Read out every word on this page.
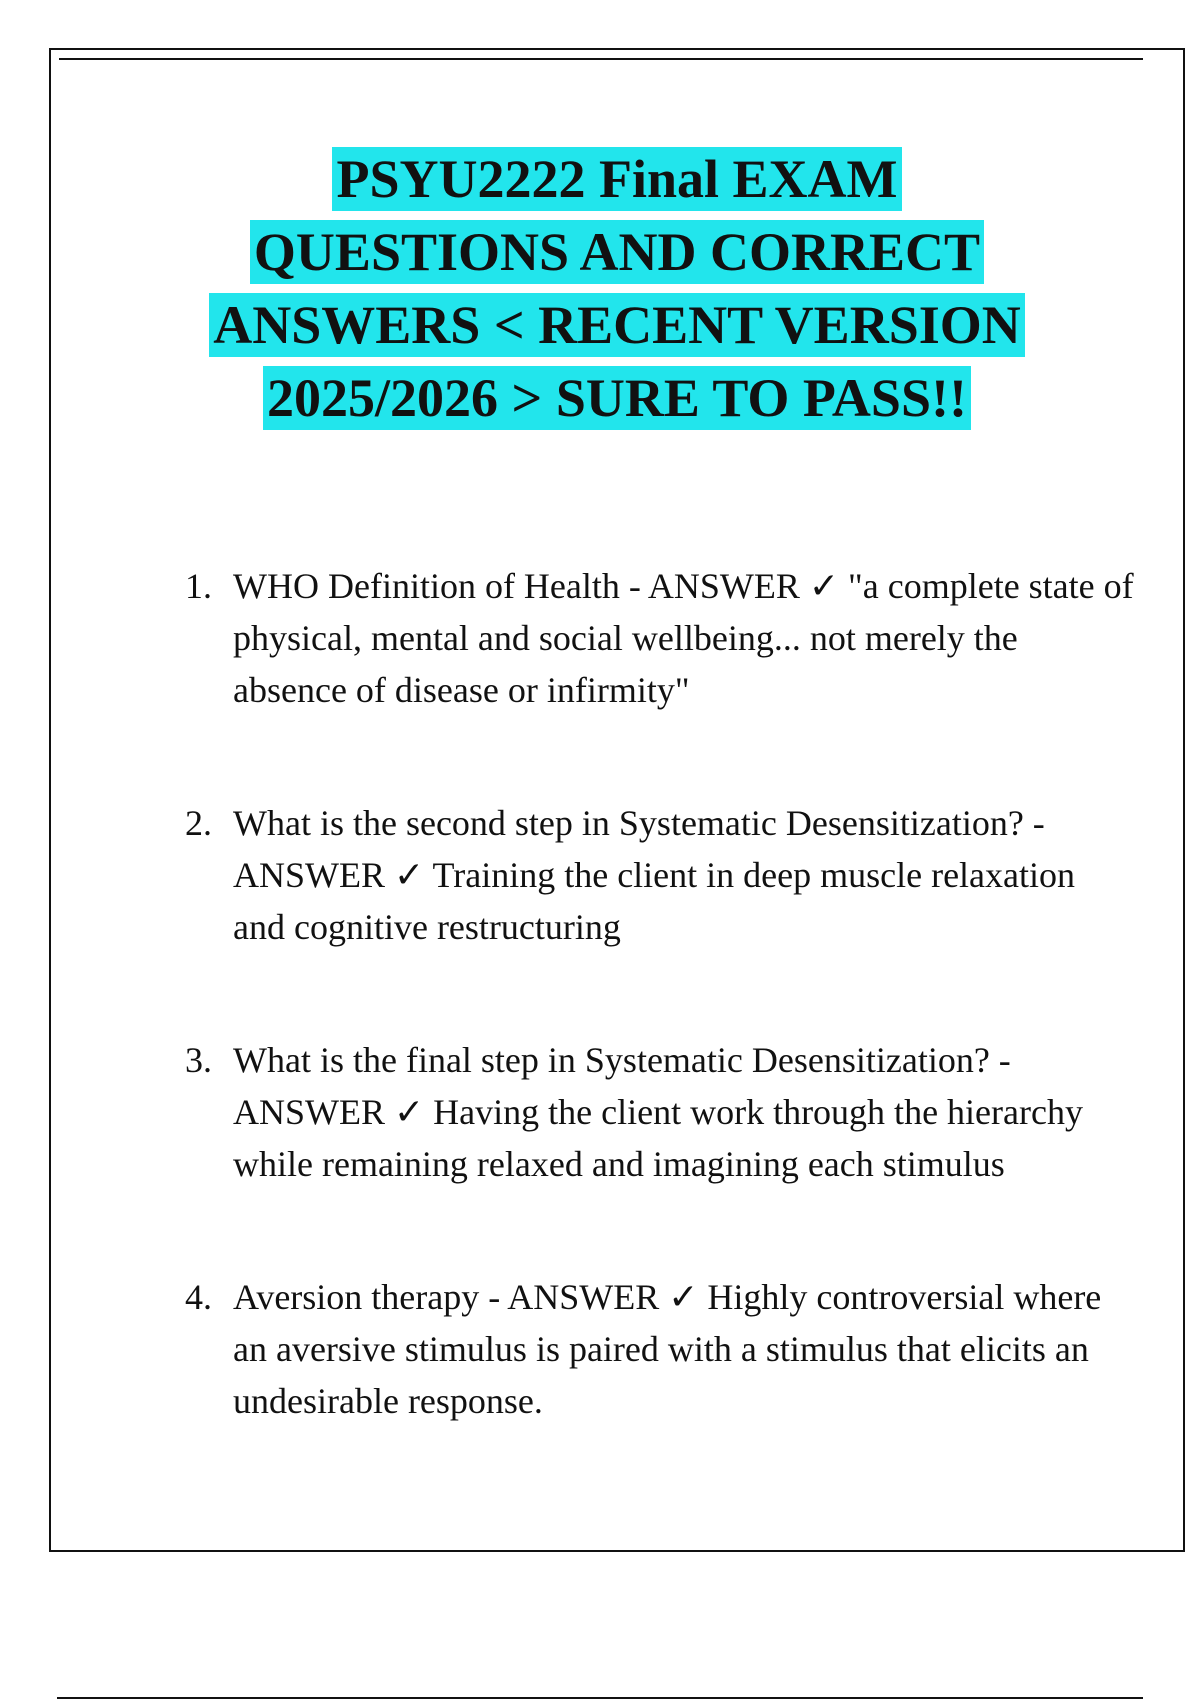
PSYU2222 Final EXAM
QUESTIONS AND CORRECT
ANSWERS < RECENT VERSION
2025/2026 > SURE TO PASS!!
1. WHO Definition of Health - ANSWER ✓ "a complete state of physical, mental and social wellbeing... not merely the absence of disease or infirmity"
2. What is the second step in Systematic Desensitization? - ANSWER ✓ Training the client in deep muscle relaxation and cognitive restructuring
3. What is the final step in Systematic Desensitization? - ANSWER ✓ Having the client work through the hierarchy while remaining relaxed and imagining each stimulus
4. Aversion therapy - ANSWER ✓ Highly controversial where an aversive stimulus is paired with a stimulus that elicits an undesirable response.
